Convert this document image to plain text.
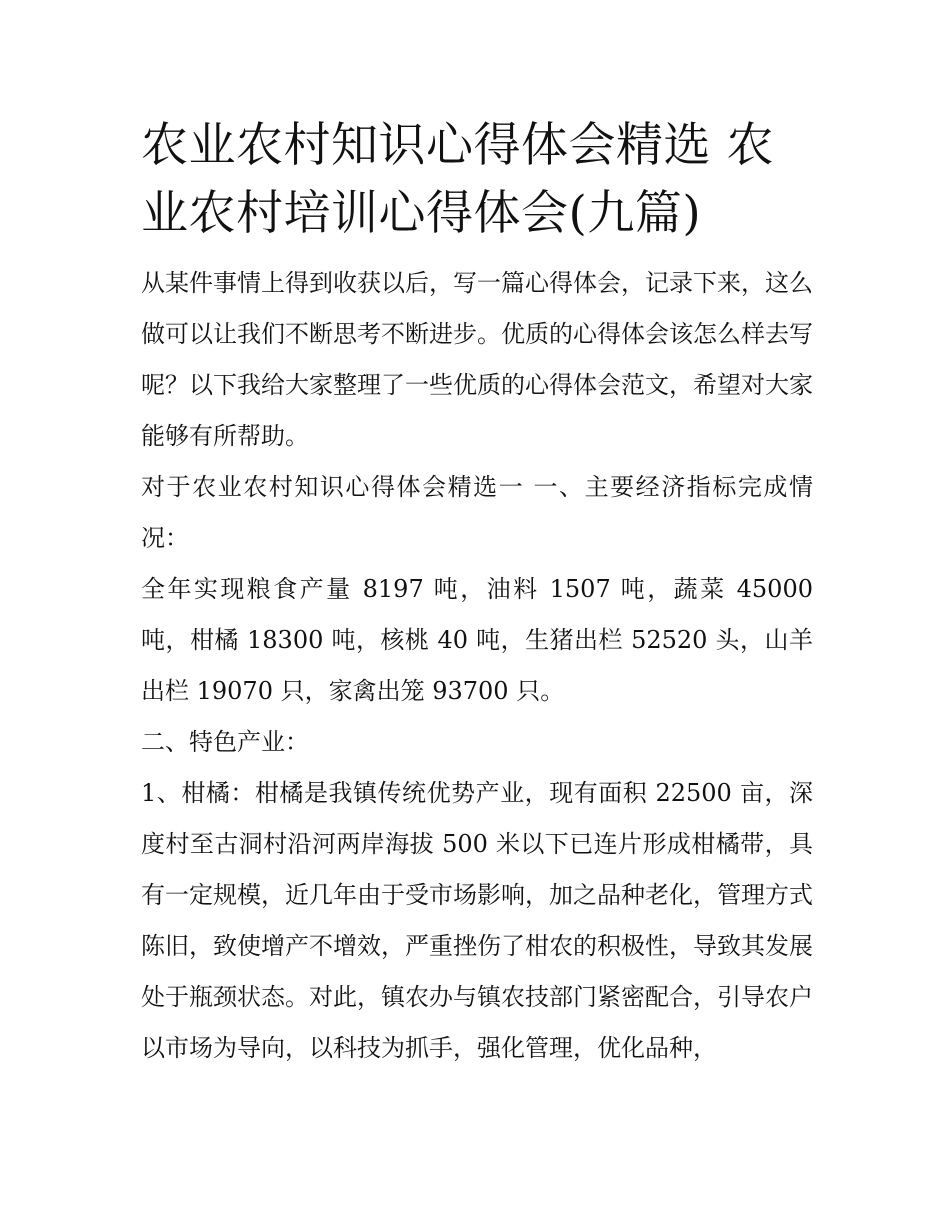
农业农村知识心得体会精选 农业农村培训心得体会(九篇)

从某件事情上得到收获以后，写一篇心得体会，记录下来，这么做可以让我们不断思考不断进步。优质的心得体会该怎么样去写呢？以下我给大家整理了一些优质的心得体会范文，希望对大家能够有所帮助。

对于农业农村知识心得体会精选一 一、主要经济指标完成情况：

全年实现粮食产量 8197 吨，油料 1507 吨，蔬菜 45000 吨，柑橘 18300 吨，核桃 40 吨，生猪出栏 52520 头，山羊出栏 19070 只，家禽出笼 93700 只。

二、特色产业：

1、柑橘：柑橘是我镇传统优势产业，现有面积 22500 亩，深度村至古洞村沿河两岸海拔 500 米以下已连片形成柑橘带，具有一定规模，近几年由于受市场影响，加之品种老化，管理方式陈旧，致使增产不增效，严重挫伤了柑农的积极性，导致其发展处于瓶颈状态。对此，镇农办与镇农技部门紧密配合，引导农户以市场为导向，以科技为抓手，强化管理，优化品种，
